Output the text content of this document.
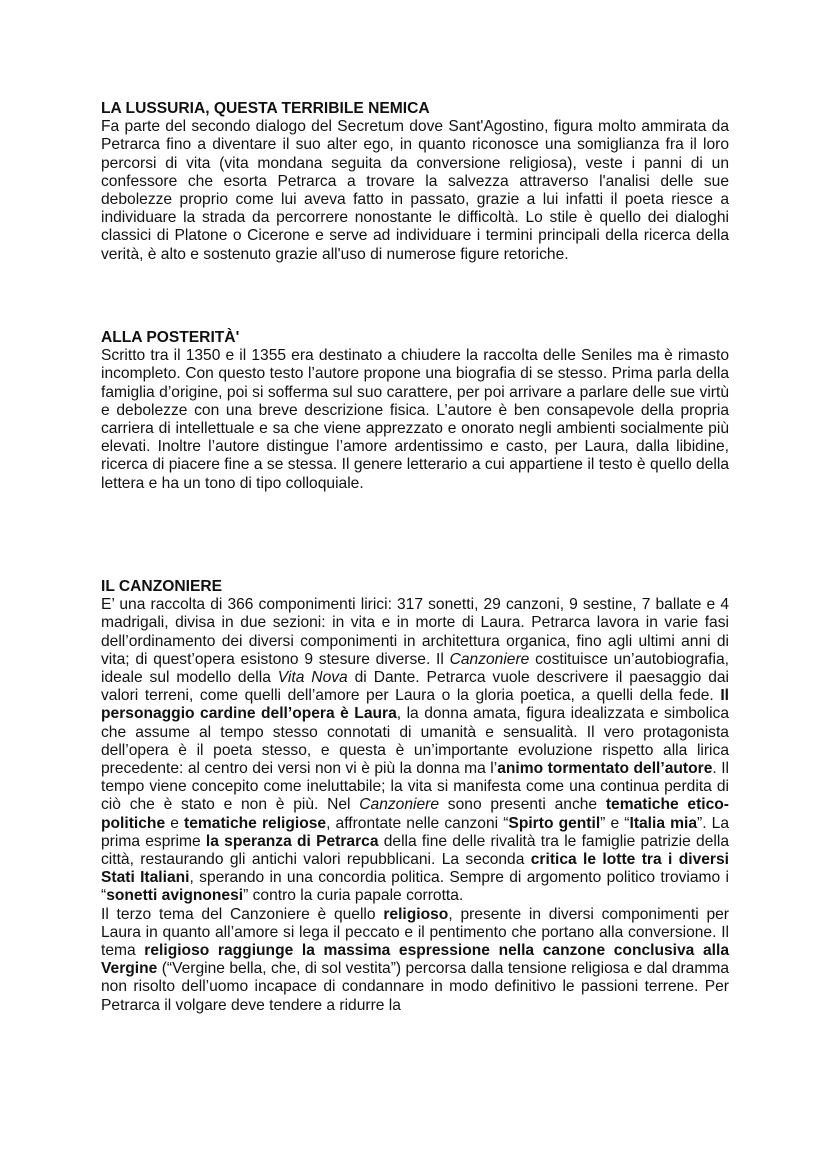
LA LUSSURIA, QUESTA TERRIBILE NEMICA

Fa parte del secondo dialogo del Secretum dove Sant'Agostino, figura molto ammirata da Petrarca fino a diventare il suo alter ego, in quanto riconosce una somiglianza fra il loro percorsi di vita (vita mondana seguita da conversione religiosa), veste i panni di un confessore che esorta Petrarca a trovare la salvezza attraverso l'analisi delle sue debolezze proprio come lui aveva fatto in passato, grazie a lui infatti il poeta riesce a individuare la strada da percorrere nonostante le difficoltà. Lo stile è quello dei dialoghi classici di Platone o Cicerone e serve ad individuare i termini principali della ricerca della verità, è alto e sostenuto grazie all'uso di numerose figure retoriche.

ALLA POSTERITÀ'

Scritto tra il 1350 e il 1355 era destinato a chiudere la raccolta delle Seniles ma è rimasto incompleto. Con questo testo l’autore propone una biografia di se stesso. Prima parla della famiglia d’origine, poi si sofferma sul suo carattere, per poi arrivare a parlare delle sue virtù e debolezze con una breve descrizione fisica. L’autore è ben consapevole della propria carriera di intellettuale e sa che viene apprezzato e onorato negli ambienti socialmente più elevati. Inoltre l’autore distingue l’amore ardentissimo e casto, per Laura, dalla libidine, ricerca di piacere fine a se stessa. Il genere letterario a cui appartiene il testo è quello della lettera e ha un tono di tipo colloquiale.

IL CANZONIERE

E’ una raccolta di 366 componimenti lirici: 317 sonetti, 29 canzoni, 9 sestine, 7 ballate e 4 madrigali, divisa in due sezioni: in vita e in morte di Laura. Petrarca lavora in varie fasi dell’ordinamento dei diversi componimenti in architettura organica, fino agli ultimi anni di vita; di quest’opera esistono 9 stesure diverse. Il Canzoniere costituisce un’autobiografia, ideale sul modello della Vita Nova di Dante. Petrarca vuole descrivere il paesaggio dai valori terreni, come quelli dell’amore per Laura o la gloria poetica, a quelli della fede. Il personaggio cardine dell’opera è Laura, la donna amata, figura idealizzata e simbolica che assume al tempo stesso connotati di umanità e sensualità. Il vero protagonista dell’opera è il poeta stesso, e questa è un’importante evoluzione rispetto alla lirica precedente: al centro dei versi non vi è più la donna ma l’animo tormentato dell’autore. Il tempo viene concepito come ineluttabile; la vita si manifesta come una continua perdita di ciò che è stato e non è più. Nel Canzoniere sono presenti anche tematiche etico-politiche e tematiche religiose, affrontate nelle canzoni “Spirto gentil” e “Italia mia”. La prima esprime la speranza di Petrarca della fine delle rivalità tra le famiglie patrizie della città, restaurando gli antichi valori repubblicani. La seconda critica le lotte tra i diversi Stati Italiani, sperando in una concordia politica. Sempre di argomento politico troviamo i “sonetti avignonesi” contro la curia papale corrotta.

Il terzo tema del Canzoniere è quello religioso, presente in diversi componimenti per Laura in quanto all’amore si lega il peccato e il pentimento che portano alla conversione. Il tema religioso raggiunge la massima espressione nella canzone conclusiva alla Vergine (“Vergine bella, che, di sol vestita”) percorsa dalla tensione religiosa e dal dramma non risolto dell’uomo incapace di condannare in modo definitivo le passioni terrene. Per Petrarca il volgare deve tendere a ridurre la
